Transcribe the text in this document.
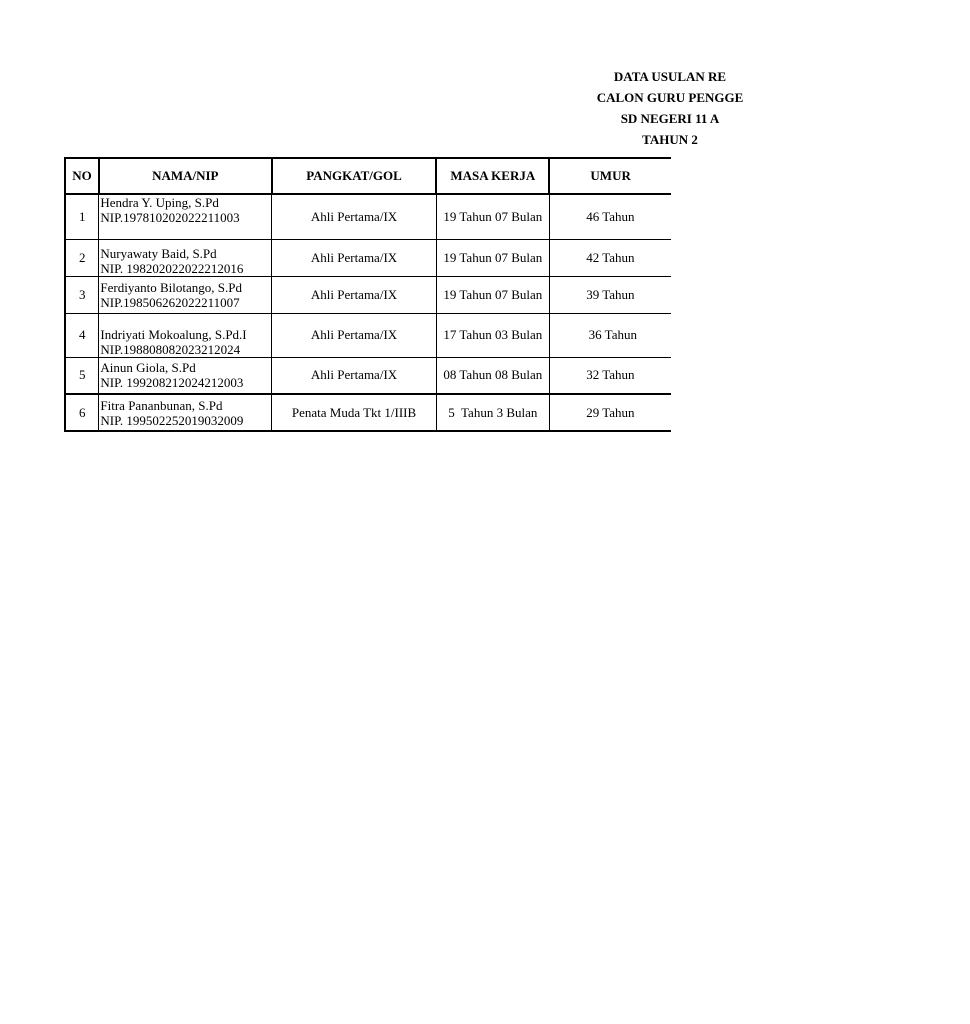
DATA USULAN RE
CALON GURU PENGGE
SD NEGERI 11 A
TAHUN 2
NO	NAMA/NIP	PANGKAT/GOL	MASA KERJA	UMUR
1	Hendra Y. Uping, S.Pd
NIP.197810202022211003	Ahli Pertama/IX	19 Tahun 07 Bulan	46 Tahun
2	Nuryawaty Baid, S.Pd
NIP. 198202022022212016	Ahli Pertama/IX	19 Tahun 07 Bulan	42 Tahun
3	Ferdiyanto Bilotango, S.Pd
NIP.198506262022211007	Ahli Pertama/IX	19 Tahun 07 Bulan	39 Tahun
4	Indriyati Mokoalung, S.Pd.I
NIP.198808082023212024	Ahli Pertama/IX	17 Tahun 03 Bulan	36 Tahun
5	Ainun Giola, S.Pd
NIP. 199208212024212003	Ahli Pertama/IX	08 Tahun 08 Bulan	32 Tahun
6	Fitra Pananbunan, S.Pd
NIP. 199502252019032009	Penata Muda Tkt 1/IIIB	5  Tahun 3 Bulan	29 Tahun
